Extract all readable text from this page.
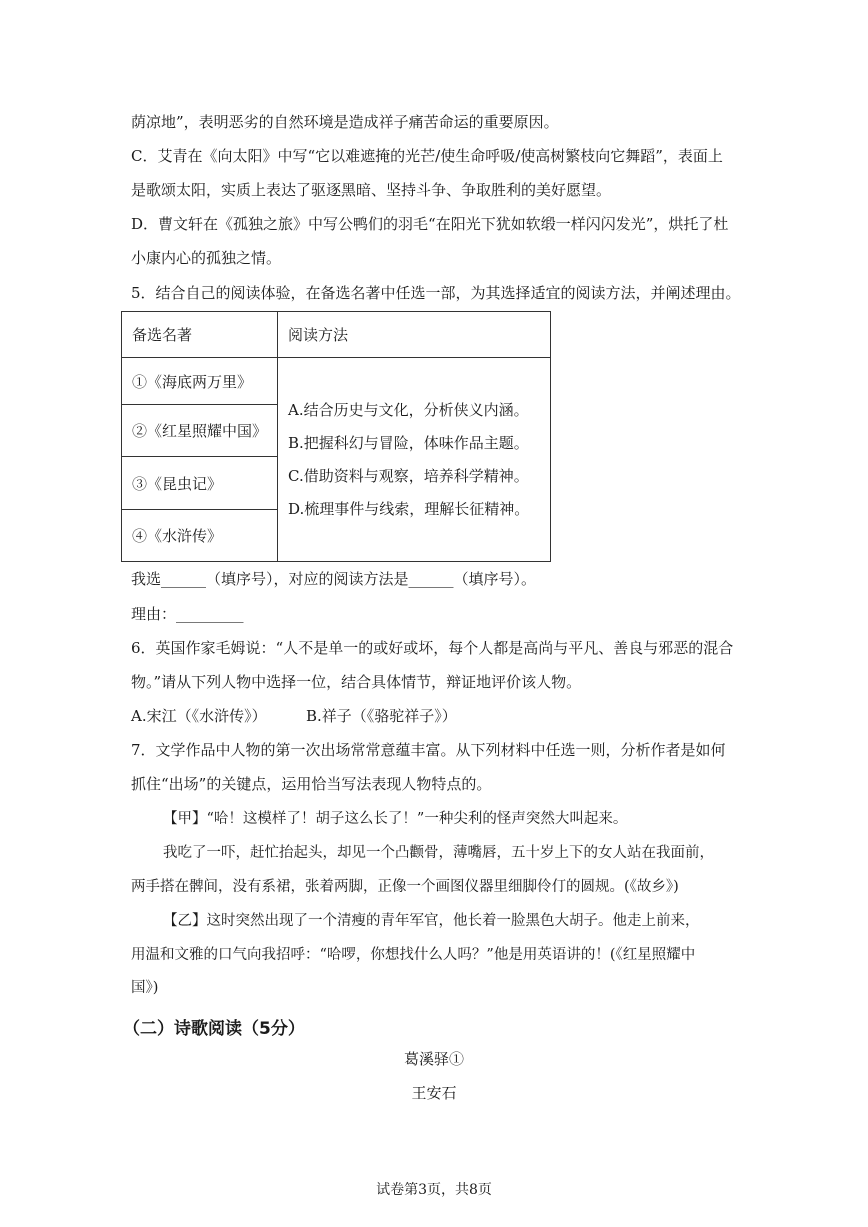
荫凉地”，表明恶劣的自然环境是造成祥子痛苦命运的重要原因。
C．艾青在《向太阳》中写“它以难遮掩的光芒/使生命呼吸/使高树繁枝向它舞蹈”，表面上
是歌颂太阳，实质上表达了驱逐黑暗、坚持斗争、争取胜利的美好愿望。
D．曹文轩在《孤独之旅》中写公鸭们的羽毛“在阳光下犹如软缎一样闪闪发光”，烘托了杜
小康内心的孤独之情。
5．结合自己的阅读体验，在备选名著中任选一部，为其选择适宜的阅读方法，并阐述理由。
备选名著	阅读方法
①《海底两万里》	A.结合历史与文化，分析侠义内涵。
B.把握科幻与冒险，体味作品主题。
C.借助资料与观察，培养科学精神。
D.梳理事件与线索，理解长征精神。

②《红星照耀中国》	
③《昆虫记》	
④《水浒传》	
我选______（填序号），对应的阅读方法是______（填序号）。
理由：_________
6．英国作家毛姆说：“人不是单一的或好或坏，每个人都是高尚与平凡、善良与邪恶的混合
物。”请从下列人物中选择一位，结合具体情节，辩证地评价该人物。
A.宋江（《水浒传》）	B.祥子（《骆驼祥子》）
7．文学作品中人物的第一次出场常常意蕴丰富。从下列材料中任选一则，分析作者是如何
抓住“出场”的关键点，运用恰当写法表现人物特点的。
【甲】“哈！这模样了！胡子这么长了！”一种尖利的怪声突然大叫起来。
我吃了一吓，赶忙抬起头，却见一个凸颧骨，薄嘴唇，五十岁上下的女人站在我面前，
两手搭在髀间，没有系裙，张着两脚，正像一个画图仪器里细脚伶仃的圆规。(《故乡》)
【乙】这时突然出现了一个清瘦的青年军官，他长着一脸黑色大胡子。他走上前来，
用温和文雅的口气向我招呼：“哈啰，你想找什么人吗？”他是用英语讲的！(《红星照耀中
国》)
（二）诗歌阅读（5分）
葛溪驿①
王安石
试卷第3页，共8页
